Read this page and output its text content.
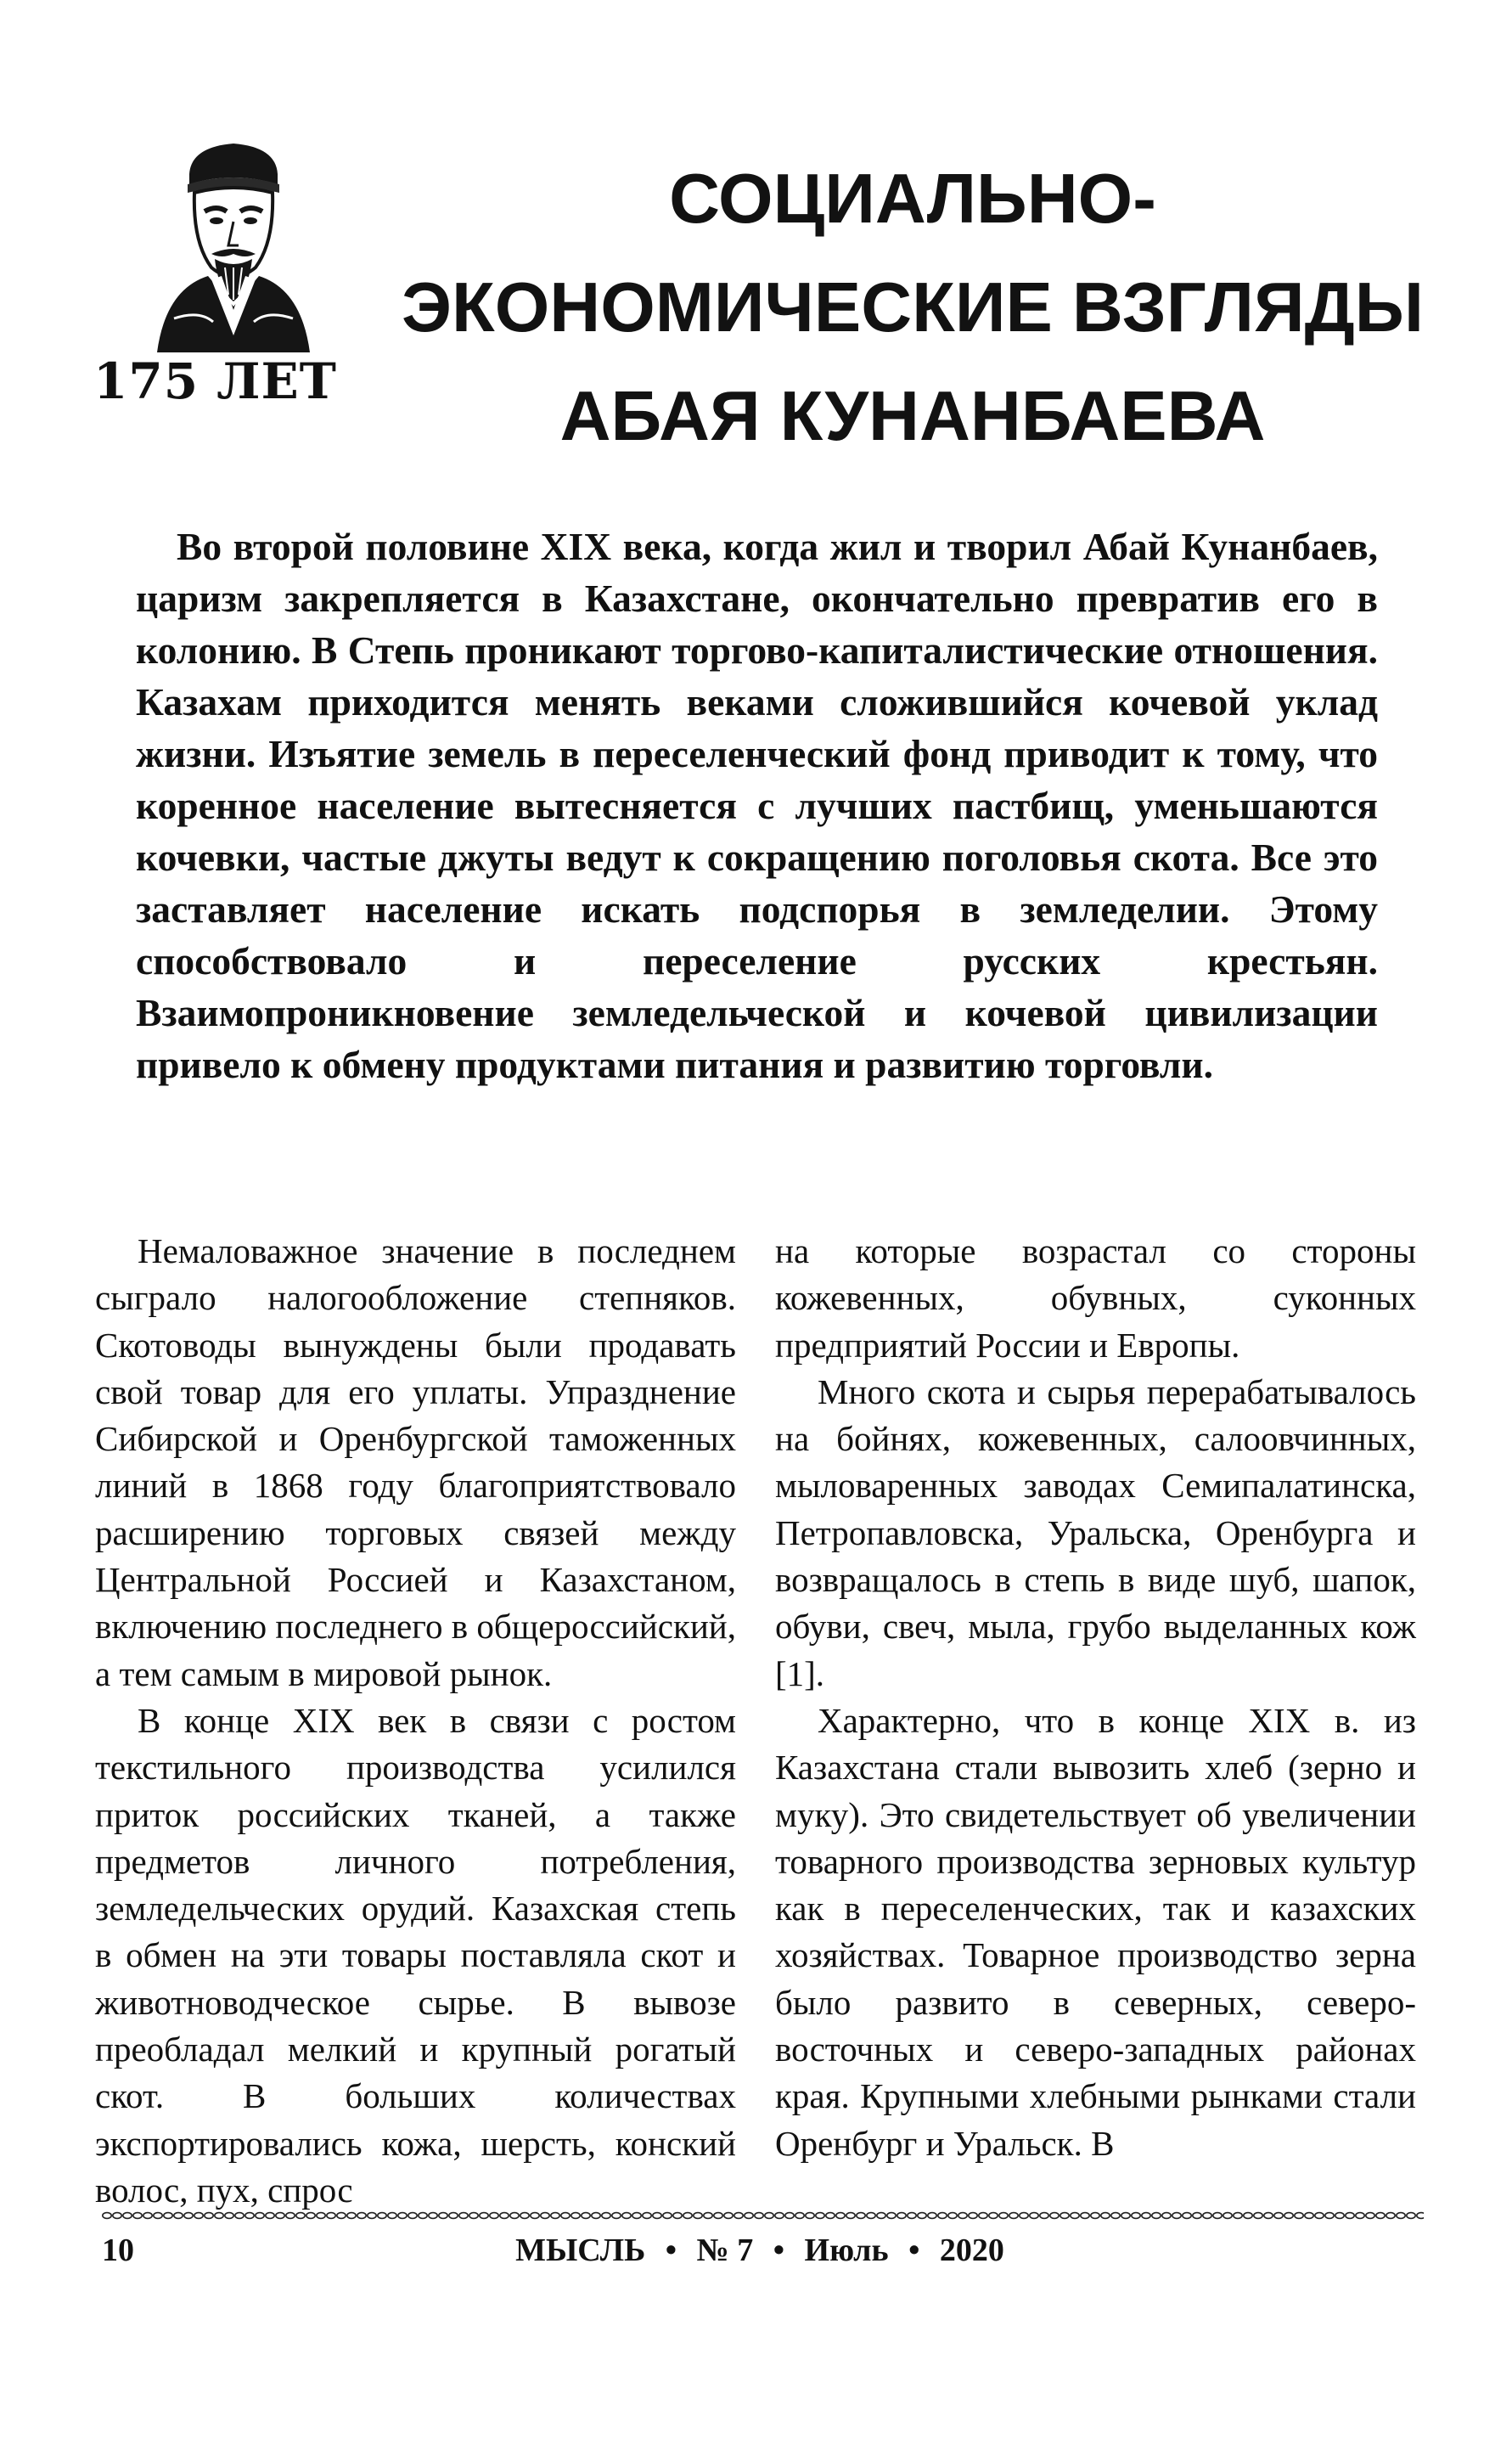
175 ЛЕТ
СОЦИАЛЬНО-
ЭКОНОМИЧЕСКИЕ ВЗГЛЯДЫ
АБАЯ КУНАНБАЕВА

Во второй половине XIX века, когда жил и творил Абай Кунанбаев, царизм закрепляется в Казахстане, окончательно превратив его в колонию. В Степь проникают торгово-капиталистические отношения. Казахам приходится менять веками сложившийся кочевой уклад жизни. Изъятие земель в переселенческий фонд приводит к тому, что коренное население вытесняется с лучших пастбищ, уменьшаются кочевки, частые джуты ведут к сокращению поголовья скота. Все это заставляет население искать подспорья в земледелии. Этому способствовало и переселение русских крестьян. Взаимопроникновение земледельческой и кочевой цивилизации привело к обмену продуктами питания и развитию торговли.

Немаловажное значение в последнем сыграло налогообложение степняков. Скотоводы вынуждены были продавать свой товар для его уплаты. Упразднение Сибирской и Оренбургской таможенных линий в 1868 году благоприятствовало расширению торговых связей между Центральной Россией и Казахстаном, включению последнего в общероссийский, а тем самым в мировой рынок.

В конце XIX век в связи с ростом текстильного производства усилился приток российских тканей, а также предметов личного потребления, земледельческих орудий. Казахская степь в обмен на эти товары поставляла скот и животноводческое сырье. В вывозе преобладал мелкий и крупный рогатый скот. В больших количествах экспортировались кожа, шерсть, конский волос, пух, спрос

на которые возрастал со стороны кожевенных, обувных, суконных предприятий России и Европы.

Много скота и сырья перерабатывалось на бойнях, кожевенных, салоовчинных, мыловаренных заводах Семипалатинска, Петропавловска, Уральска, Оренбурга и возвращалось в степь в виде шуб, шапок, обуви, свеч, мыла, грубо выделанных кож [1].

Характерно, что в конце XIX в. из Казахстана стали вывозить хлеб (зерно и муку). Это свидетельствует об увеличении товарного производства зерновых культур как в переселенческих, так и казахских хозяйствах. Товарное производство зерна было развито в северных, северо-восточных и северо-западных районах края. Крупными хлебными рынками стали Оренбург и Уральск. В

10	МЫСЛЬ • № 7 • Июль • 2020
